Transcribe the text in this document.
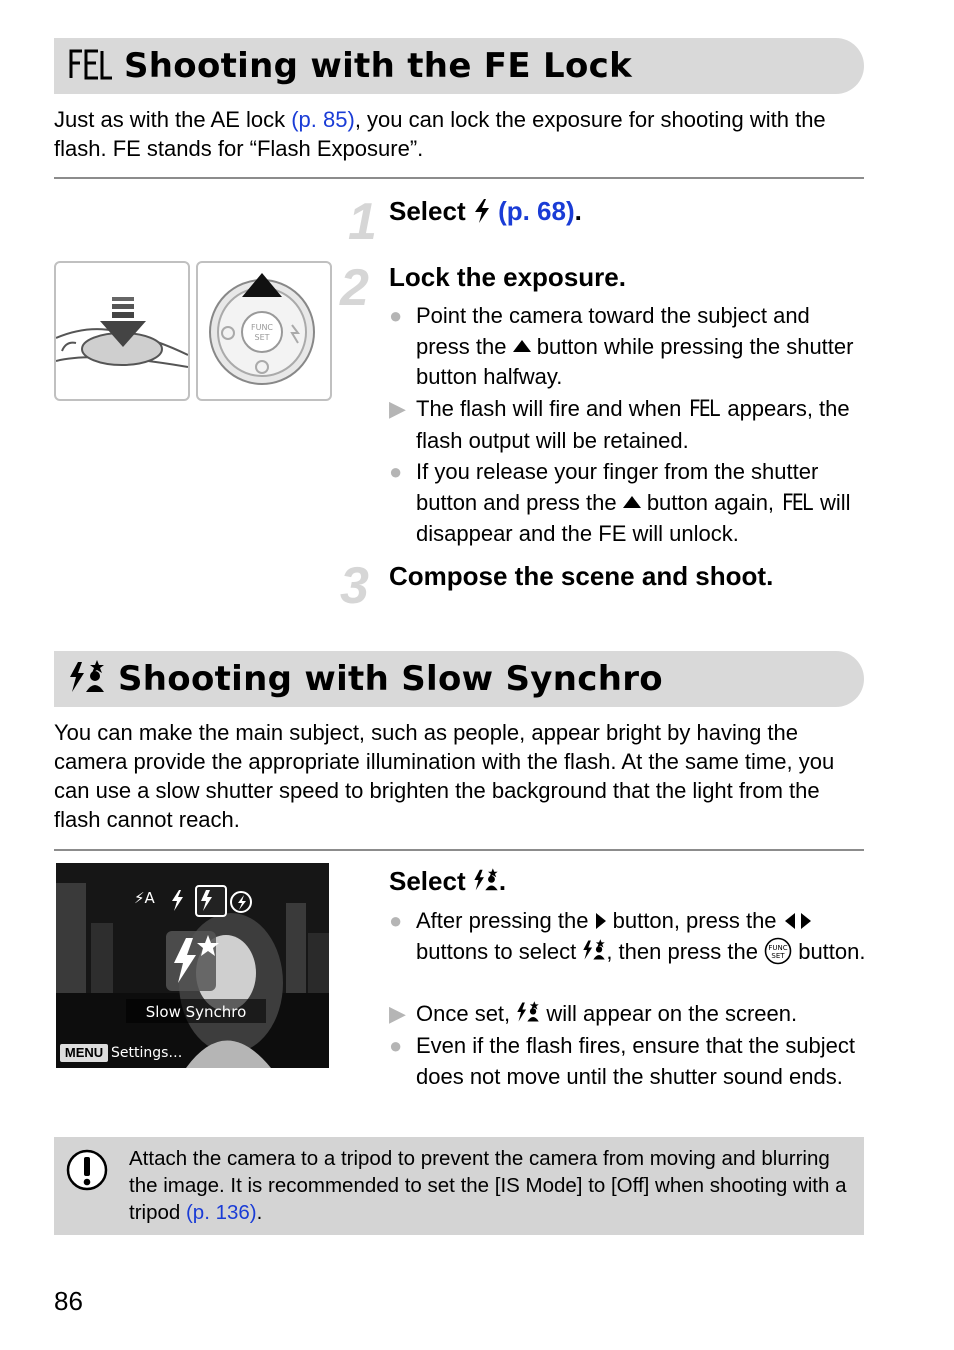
Shooting with the FE Lock
Just as with the AE lock (p. 85), you can lock the exposure for shooting with the flash. FE stands for “Flash Exposure”.
FUNC
SET
1 Select  (p. 68).
2 Lock the exposure.
● Point the camera toward the subject and press the  button while pressing the shutter button halfway.
▶ The flash will fire and when FEL appears, the flash output will be retained.
● If you release your finger from the shutter button and press the  button again, FEL will disappear and the FE will unlock.
3 Compose the scene and shoot.
Shooting with Slow Synchro
You can make the main subject, such as people, appear bright by having the camera provide the appropriate illumination with the flash. At the same time, you can use a slow shutter speed to brighten the background that the light from the flash cannot reach.
⚡A
Slow Synchro
MENU Settings…
Select .
● After pressing the  button, press the  buttons to select , then press the FUNC
SET button.
▶ Once set,  will appear on the screen.
● Even if the flash fires, ensure that the subject does not move until the shutter sound ends.
Attach the camera to a tripod to prevent the camera from moving and blurring the image. It is recommended to set the [IS Mode] to [Off] when shooting with a tripod (p. 136).
86
